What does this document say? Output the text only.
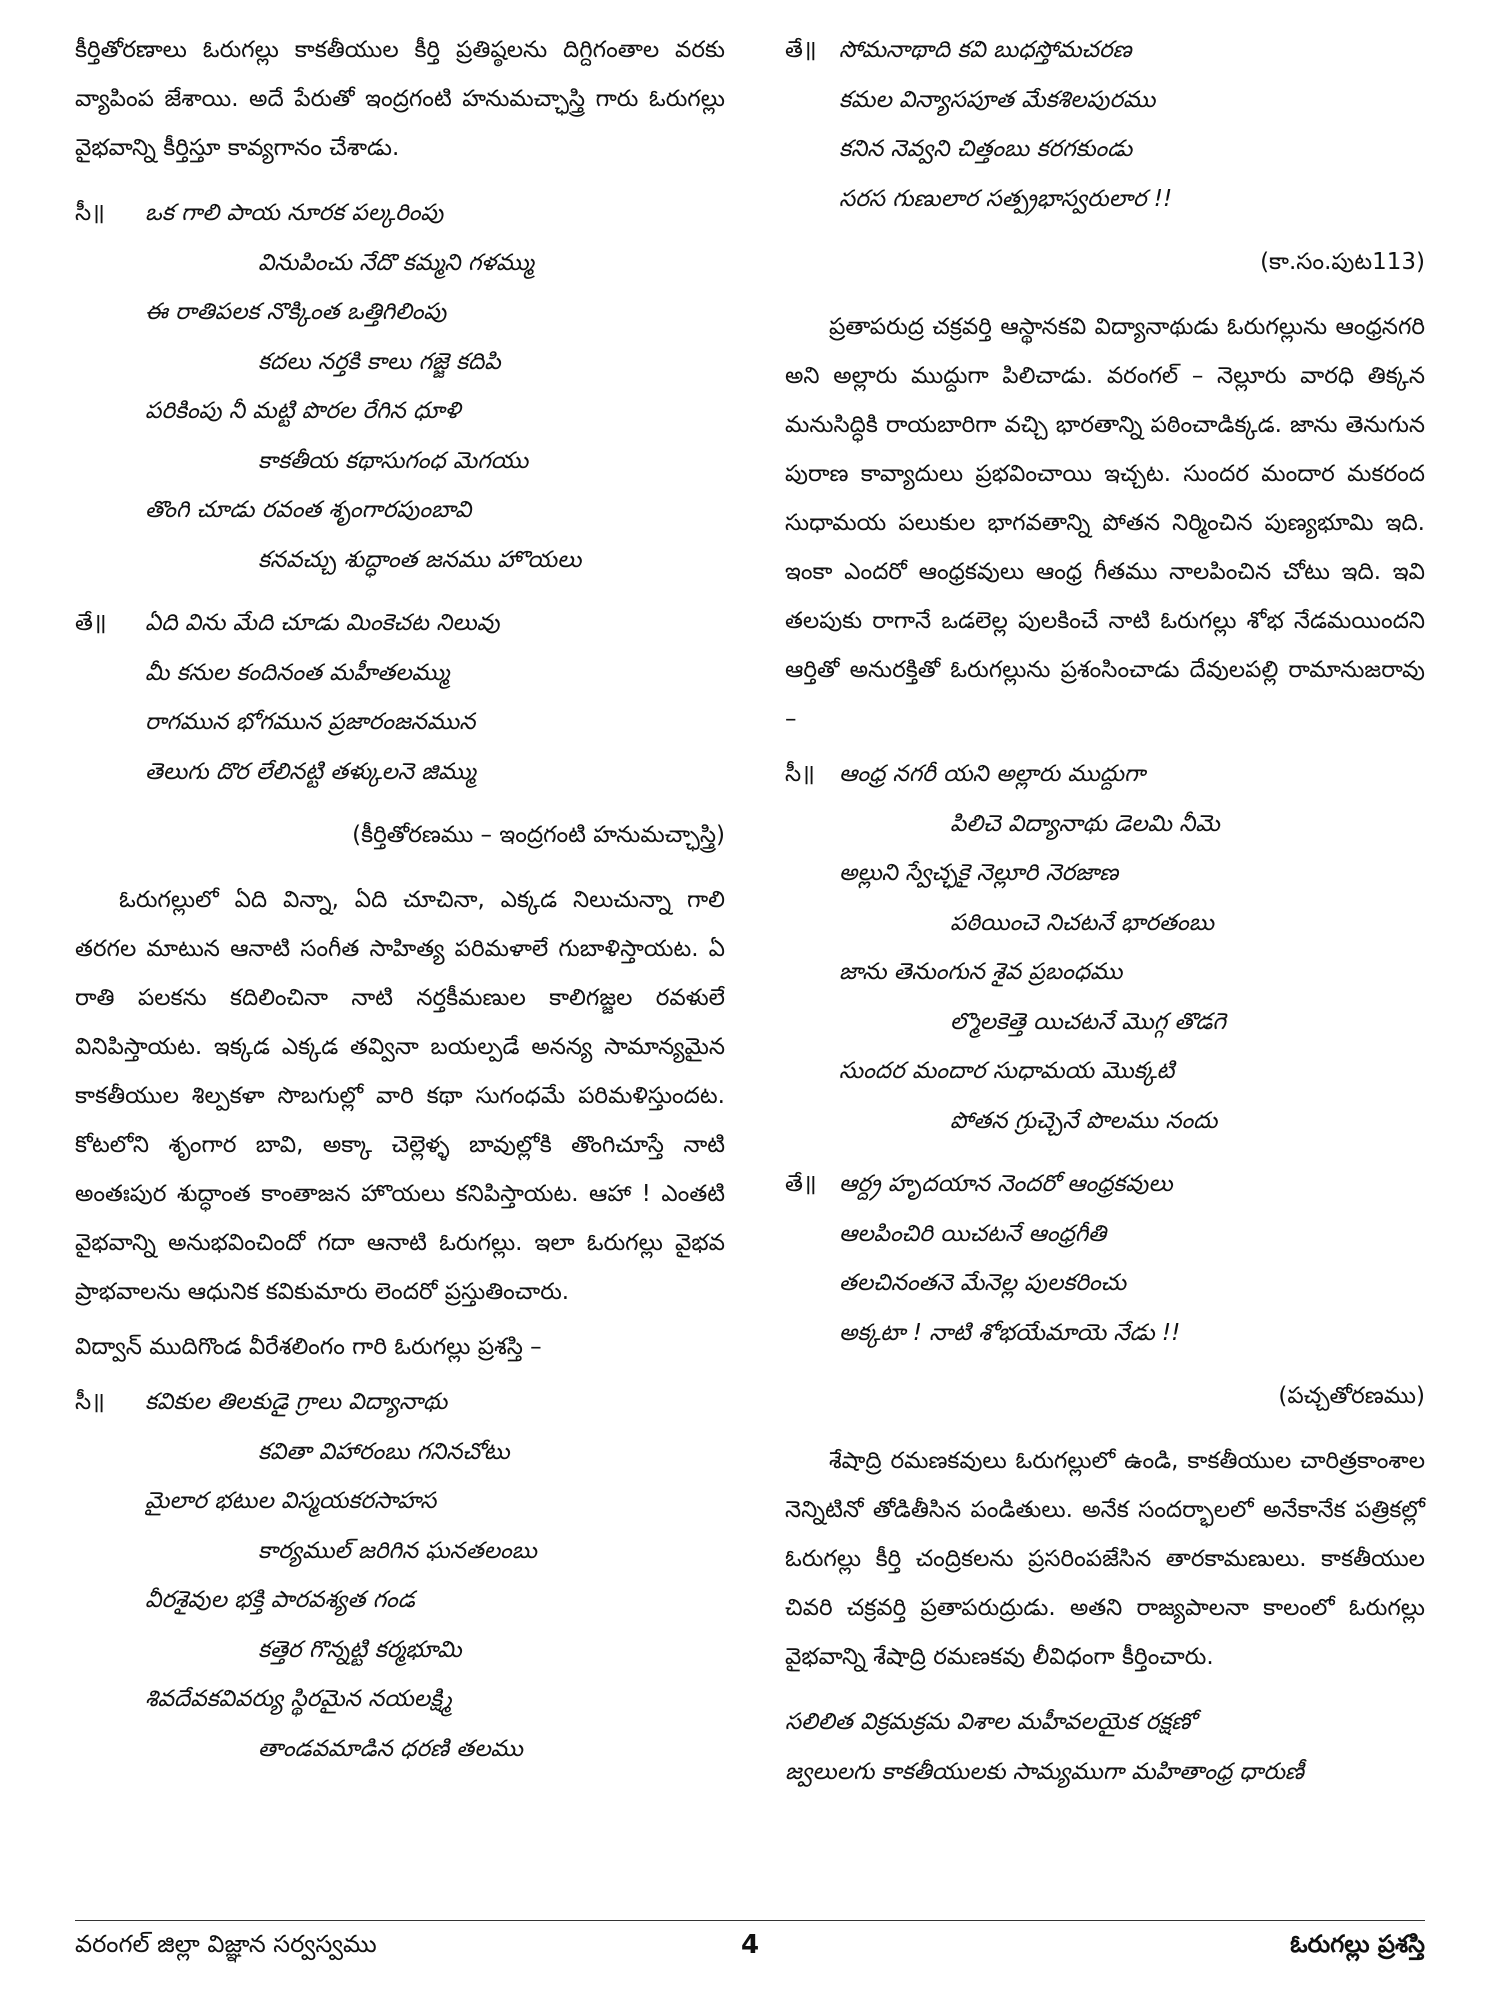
కీర్తితోరణాలు ఓరుగల్లు కాకతీయుల కీర్తి ప్రతిష్ఠలను దిగ్దిగంతాల వరకు వ్యాపింప జేశాయి. అదే పేరుతో ఇంద్రగంటి హనుమచ్ఛాస్త్రి గారు ఓరుగల్లు వైభవాన్ని కీర్తిస్తూ కావ్యగానం చేశాడు.

సీ॥	ఒక గాలి పాయ నూరక పల్కరింపు
వినుపించు నేదొ కమ్మని గళమ్ము
ఈ రాతిపలక నొక్కింత ఒత్తిగిలింపు
కదలు నర్తకి కాలు గజ్జె కదిపి
పరికింపు నీ మట్టి పొరల రేగిన ధూళి
కాకతీయ కథాసుగంధ మెగయు
తొంగి చూడు రవంత శృంగారపుంబావి
కనవచ్చు శుద్ధాంత జనము హొయలు
తే॥	ఏది విను మేది చూడు మింకెచట నిలువు
మీ కనుల కందినంత మహీతలమ్ము
రాగమున భోగమున ప్రజారంజనమున
తెలుగు దొర లేలినట్టి తళ్కులనె జిమ్ము

(కీర్తితోరణము – ఇంద్రగంటి హనుమచ్ఛాస్త్రి)

ఓరుగల్లులో ఏది విన్నా, ఏది చూచినా, ఎక్కడ నిలుచున్నా గాలి తరగల మాటున ఆనాటి సంగీత సాహిత్య పరిమళాలే గుబాళిస్తాయట. ఏ రాతి పలకను కదిలించినా నాటి నర్తకీమణుల కాలిగజ్జల రవళులే వినిపిస్తాయట. ఇక్కడ ఎక్కడ తవ్వినా బయల్పడే అనన్య సామాన్యమైన కాకతీయుల శిల్పకళా సొబగుల్లో వారి కథా సుగంధమే పరిమళిస్తుందట. కోటలోని శృంగార బావి, అక్కా చెల్లెళ్ళ బావుల్లోకి తొంగిచూస్తే నాటి అంతఃపుర శుద్ధాంత కాంతాజన హొయలు కనిపిస్తాయట. ఆహా ! ఎంతటి వైభవాన్ని అనుభవించిందో గదా ఆనాటి ఓరుగల్లు. ఇలా ఓరుగల్లు వైభవ ప్రాభవాలను ఆధునిక కవికుమారు లెందరో ప్రస్తుతించారు.

విద్వాన్ ముదిగొండ వీరేశలింగం గారి ఓరుగల్లు ప్రశస్తి –

సీ॥	కవికుల తిలకుడై గ్రాలు విద్యానాథు
కవితా విహారంబు గనినచోటు
మైలార భటుల విస్మయకరసాహస
కార్యముల్ జరిగిన ఘనతలంబు
వీరశైవుల భక్తి పారవశ్యత గండ
కత్తెర గొన్నట్టి కర్మభూమి
శివదేవకవివర్యు స్థిరమైన నయలక్ష్మి
తాండవమాడిన ధరణి తలము
తే॥ సోమనాథాది కవి బుధస్తోమచరణ
కమల విన్యాసపూత మేకశిలపురము
కనిన నెవ్వని చిత్తంబు కరగకుండు
సరస గుణులార సత్ప్రభాస్వరులార !!

(కా.సం.పుట113)

ప్రతాపరుద్ర చక్రవర్తి ఆస్థానకవి విద్యానాథుడు ఓరుగల్లును ఆంధ్రనగరి అని అల్లారు ముద్దుగా పిలిచాడు. వరంగల్ – నెల్లూరు వారధి తిక్కన మనుసిద్ధికి రాయబారిగా వచ్చి భారతాన్ని పఠించాడిక్కడ. జాను తెనుగున పురాణ కావ్యాదులు ప్రభవించాయి ఇచ్చట. సుందర మందార మకరంద సుధామయ పలుకుల భాగవతాన్ని పోతన నిర్మించిన పుణ్యభూమి ఇది. ఇంకా ఎందరో ఆంధ్రకవులు ఆంధ్ర గీతము నాలపించిన చోటు ఇది. ఇవి తలపుకు రాగానే ఒడలెల్ల పులకించే నాటి ఓరుగల్లు శోభ నేడమయిందని ఆర్తితో అనురక్తితో ఓరుగల్లును ప్రశంసించాడు దేవులపల్లి రామానుజరావు –

సీ॥	ఆంధ్ర నగరీ యని అల్లారు ముద్దుగా
పిలిచె విద్యానాథు డెలమి నీమె
అల్లుని స్వేచ్ఛకై నెల్లూరి నెరజాణ
పఠియించె నిచటనే భారతంబు
జాను తెనుంగున శైవ ప్రబంధము
ల్మొలకెత్తె యిచటనే మొగ్గ తొడగె
సుందర మందార సుధామయ మొక్కటి
పోతన గ్రుచ్చెనే పొలము నందు
తే॥ ఆర్ద్ర హృదయాన నెందరో ఆంధ్రకవులు
ఆలపించిరి యిచటనే ఆంధ్రగీతి
తలచినంతనె మేనెల్ల పులకరించు
అక్కటా ! నాటి శోభయేమాయె నేడు !!

(పచ్చతోరణము)

శేషాద్రి రమణకవులు ఓరుగల్లులో ఉండి, కాకతీయుల చారిత్రకాంశాల నెన్నిటినో తోడితీసిన పండితులు. అనేక సందర్భాలలో అనేకానేక పత్రికల్లో ఓరుగల్లు కీర్తి చంద్రికలను ప్రసరింపజేసిన తారకామణులు. కాకతీయుల చివరి చక్రవర్తి ప్రతాపరుద్రుడు. అతని రాజ్యపాలనా కాలంలో ఓరుగల్లు వైభవాన్ని శేషాద్రి రమణకవు లీవిధంగా కీర్తించారు.

సలిలిత విక్రమక్రమ విశాల మహీవలయైక రక్షణో
జ్వలులగు కాకతీయులకు సామ్యముగా మహితాంధ్ర ధారుణీ
వరంగల్ జిల్లా విజ్ఞాన సర్వస్వము	4	ఓరుగల్లు ప్రశస్తి
